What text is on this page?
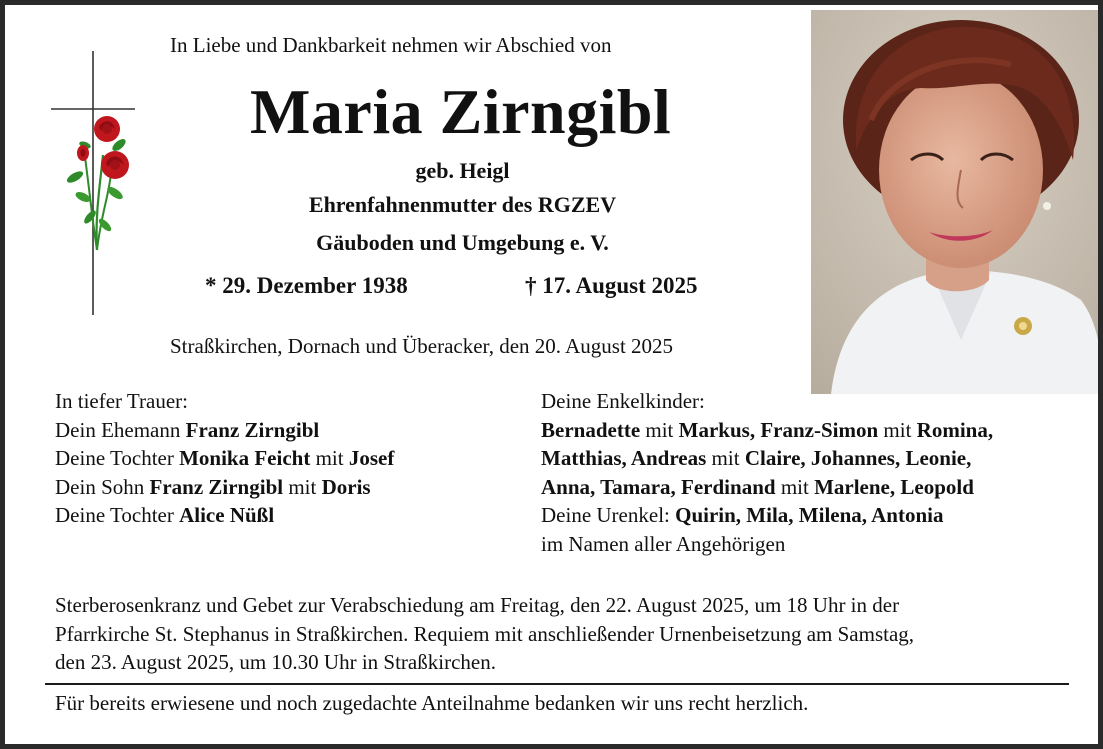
In Liebe und Dankbarkeit nehmen wir Abschied von
Maria Zirngibl
geb. Heigl
Ehrenfahnenmutter des RGZEV
Gäuboden und Umgebung e. V.
* 29. Dezember 1938	† 17. August 2025
Straßkirchen, Dornach und Überacker, den 20. August 2025
In tiefer Trauer:
Dein Ehemann Franz Zirngibl
Deine Tochter Monika Feicht mit Josef
Dein Sohn Franz Zirngibl mit Doris
Deine Tochter Alice Nüßl
Deine Enkelkinder:
Bernadette mit Markus, Franz-Simon mit Romina,
Matthias, Andreas mit Claire, Johannes, Leonie,
Anna, Tamara, Ferdinand mit Marlene, Leopold
Deine Urenkel: Quirin, Mila, Milena, Antonia
im Namen aller Angehörigen
Sterberosenkranz und Gebet zur Verabschiedung am Freitag, den 22. August 2025, um 18 Uhr in der
Pfarrkirche St. Stephanus in Straßkirchen. Requiem mit anschließender Urnenbeisetzung am Samstag,
den 23. August 2025, um 10.30 Uhr in Straßkirchen.
Für bereits erwiesene und noch zugedachte Anteilnahme bedanken wir uns recht herzlich.
